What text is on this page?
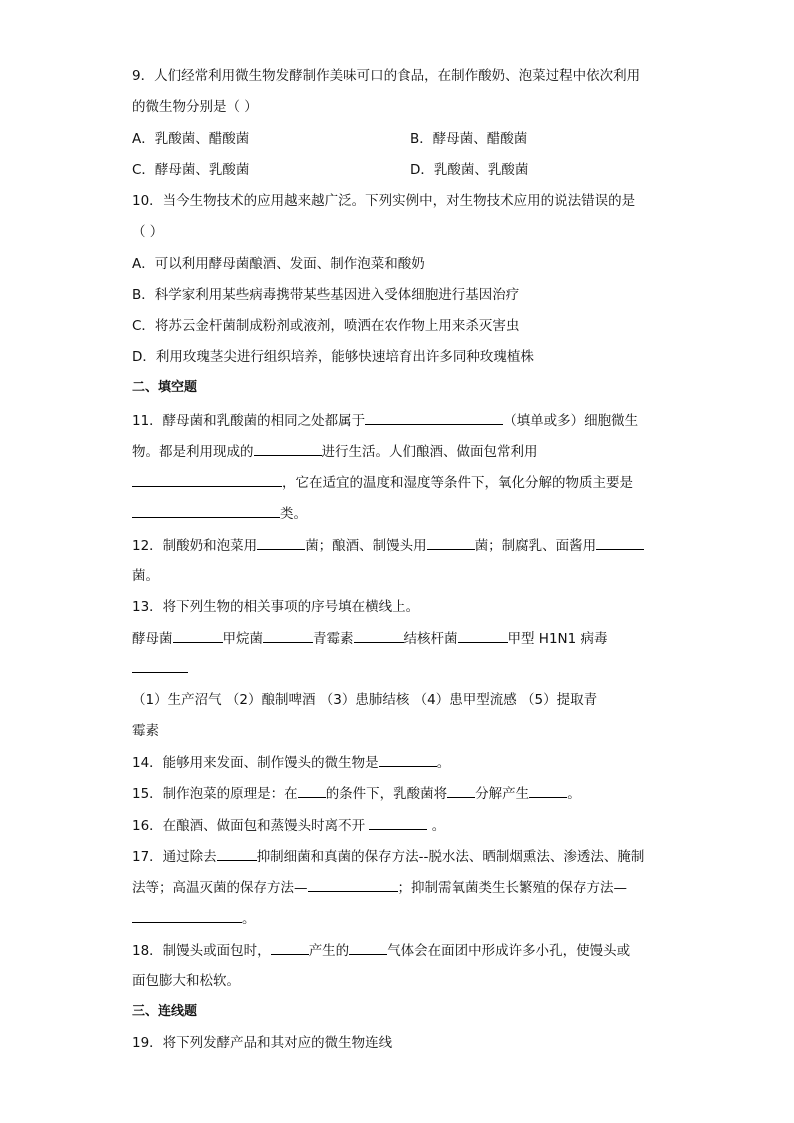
9．人们经常利用微生物发酵制作美味可口的食品，在制作酸奶、泡菜过程中依次利用
的微生物分别是（ ）
A．乳酸菌、醋酸菌	B．酵母菌、醋酸菌
C．酵母菌、乳酸菌	D．乳酸菌、乳酸菌
10．当今生物技术的应用越来越广泛。下列实例中，对生物技术应用的说法错误的是
（ ）
A．可以利用酵母菌酿酒、发面、制作泡菜和酸奶
B．科学家利用某些病毒携带某些基因进入受体细胞进行基因治疗
C．将苏云金杆菌制成粉剂或液剂，喷洒在农作物上用来杀灭害虫
D．利用玫瑰茎尖进行组织培养，能够快速培育出许多同种玫瑰植株
二、填空题
11．酵母菌和乳酸菌的相同之处都属于	（填单或多）细胞微生
物。都是利用现成的	进行生活。人们酿酒、做面包常利用
，它在适宜的温度和湿度等条件下，氧化分解的物质主要是
类。
12．制酸奶和泡菜用	菌；酿酒、制馒头用	菌；制腐乳、面酱用
菌。
13．将下列生物的相关事项的序号填在横线上。
酵母菌	甲烷菌	青霉素	结核杆菌	甲型 H1N1 病毒
（1）生产沼气 （2）酿制啤酒 （3）患肺结核 （4）患甲型流感 （5）提取青
霉素
14．能够用来发面、制作馒头的微生物是	。
15．制作泡菜的原理是：在 的条件下，乳酸菌将 分解产生	。
16．在酿酒、做面包和蒸馒头时离不开	。
17．通过除去	抑制细菌和真菌的保存方法--脱水法、晒制烟熏法、渗透法、腌制
法等；高温灭菌的保存方法—	；抑制需氧菌类生长繁殖的保存方法—
。
18．制馒头或面包时，	产生的	气体会在面团中形成许多小孔，使馒头或
面包膨大和松软。
三、连线题
19．将下列发酵产品和其对应的微生物连线
